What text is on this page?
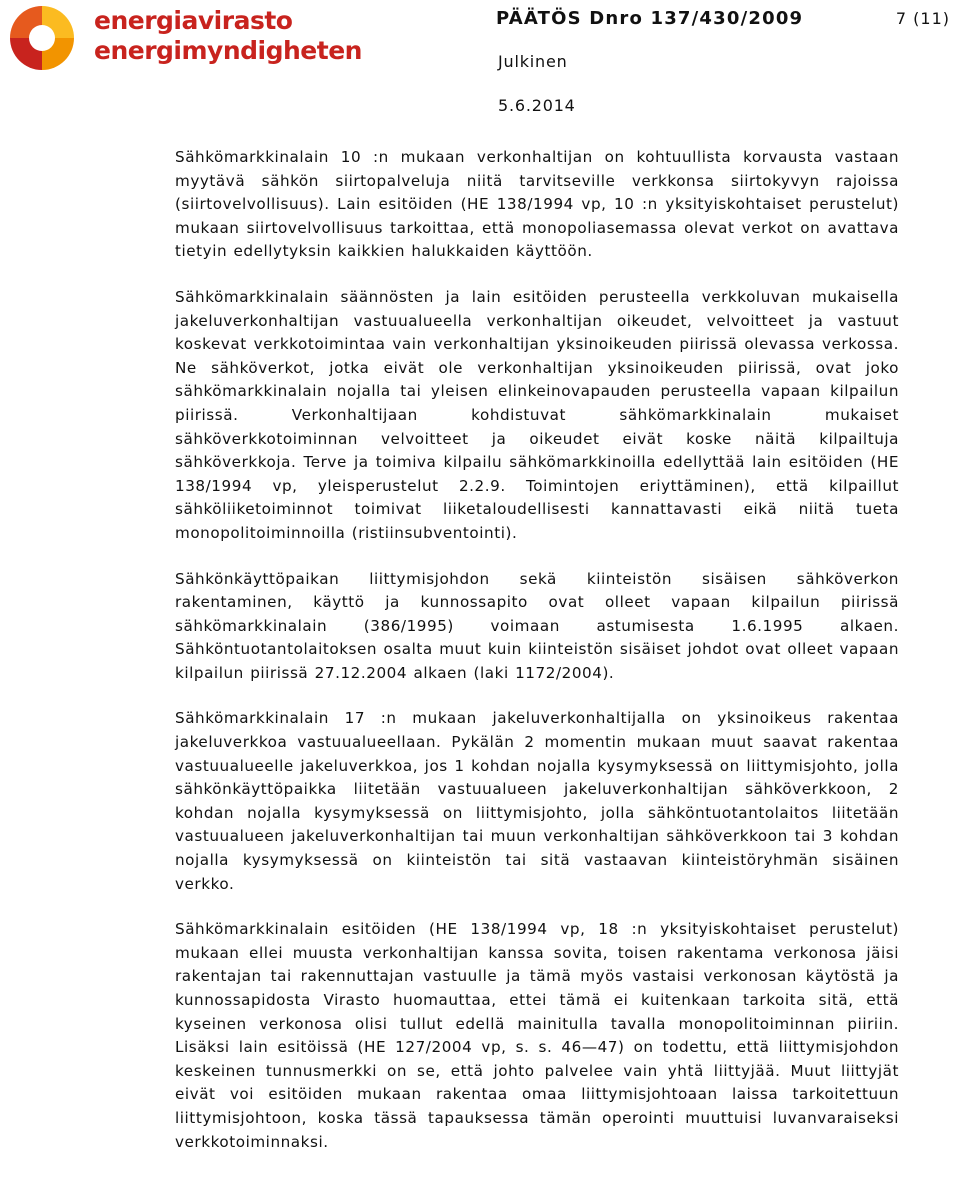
energiavirasto
energimyndigheten
PÄÄTÖS Dnro 137/430/2009	7 (11)
Julkinen
5.6.2014

Sähkömarkkinalain 10 :n mukaan verkonhaltijan on kohtuullista korvausta vastaan myytävä sähkön siirtopalveluja niitä tarvitseville verkkonsa siirtokyvyn rajoissa (siirtovelvollisuus). Lain esitöiden (HE 138/1994 vp, 10 :n yksityiskohtaiset perustelut) mukaan siirtovelvollisuus tarkoittaa, että monopoliasemassa olevat verkot on avattava tietyin edellytyksin kaikkien halukkaiden käyttöön.

Sähkömarkkinalain säännösten ja lain esitöiden perusteella verkkoluvan mukaisella jakeluverkonhaltijan vastuualueella verkonhaltijan oikeudet, velvoitteet ja vastuut koskevat verkkotoimintaa vain verkonhaltijan yksinoikeuden piirissä olevassa verkossa. Ne sähköverkot, jotka eivät ole verkonhaltijan yksinoikeuden piirissä, ovat joko sähkömarkkinalain nojalla tai yleisen elinkeinovapauden perusteella vapaan kilpailun piirissä. Verkonhaltijaan kohdistuvat sähkömarkkinalain mukaiset sähköverkkotoiminnan velvoitteet ja oikeudet eivät koske näitä kilpailtuja sähköverkkoja. Terve ja toimiva kilpailu sähkömarkkinoilla edellyttää lain esitöiden (HE 138/1994 vp, yleisperustelut 2.2.9. Toimintojen eriyttäminen), että kilpaillut sähköliiketoiminnot toimivat liiketaloudellisesti kannattavasti eikä niitä tueta monopolitoiminnoilla (ristiinsubventointi).

Sähkönkäyttöpaikan liittymisjohdon sekä kiinteistön sisäisen sähköverkon rakentaminen, käyttö ja kunnossapito ovat olleet vapaan kilpailun piirissä sähkömarkkinalain (386/1995) voimaan astumisesta 1.6.1995 alkaen. Sähköntuotantolaitoksen osalta muut kuin kiinteistön sisäiset johdot ovat olleet vapaan kilpailun piirissä 27.12.2004 alkaen (laki 1172/2004).

Sähkömarkkinalain 17 :n mukaan jakeluverkonhaltijalla on yksinoikeus rakentaa jakeluverkkoa vastuualueellaan. Pykälän 2 momentin mukaan muut saavat rakentaa vastuualueelle jakeluverkkoa, jos 1 kohdan nojalla kysymyksessä on liittymisjohto, jolla sähkönkäyttöpaikka liitetään vastuualueen jakeluverkonhaltijan sähköverkkoon, 2 kohdan nojalla kysymyksessä on liittymisjohto, jolla sähköntuotantolaitos liitetään vastuualueen jakeluverkonhaltijan tai muun verkonhaltijan sähköverkkoon tai 3 kohdan nojalla kysymyksessä on kiinteistön tai sitä vastaavan kiinteistöryhmän sisäinen verkko.

Sähkömarkkinalain esitöiden (HE 138/1994 vp, 18 :n yksityiskohtaiset perustelut) mukaan ellei muusta verkonhaltijan kanssa sovita, toisen rakentama verkonosa jäisi rakentajan tai rakennuttajan vastuulle ja tämä myös vastaisi verkonosan käytöstä ja kunnossapidosta Virasto huomauttaa, ettei tämä ei kuitenkaan tarkoita sitä, että kyseinen verkonosa olisi tullut edellä mainitulla tavalla monopolitoiminnan piiriin. Lisäksi lain esitöissä (HE 127/2004 vp, s. s. 46—47) on todettu, että liittymisjohdon keskeinen tunnusmerkki on se, että johto palvelee vain yhtä liittyjää. Muut liittyjät eivät voi esitöiden mukaan rakentaa omaa liittymisjohtoaan laissa tarkoitettuun liittymisjohtoon, koska tässä tapauksessa tämän operointi muuttuisi luvanvaraiseksi verkkotoiminnaksi.
